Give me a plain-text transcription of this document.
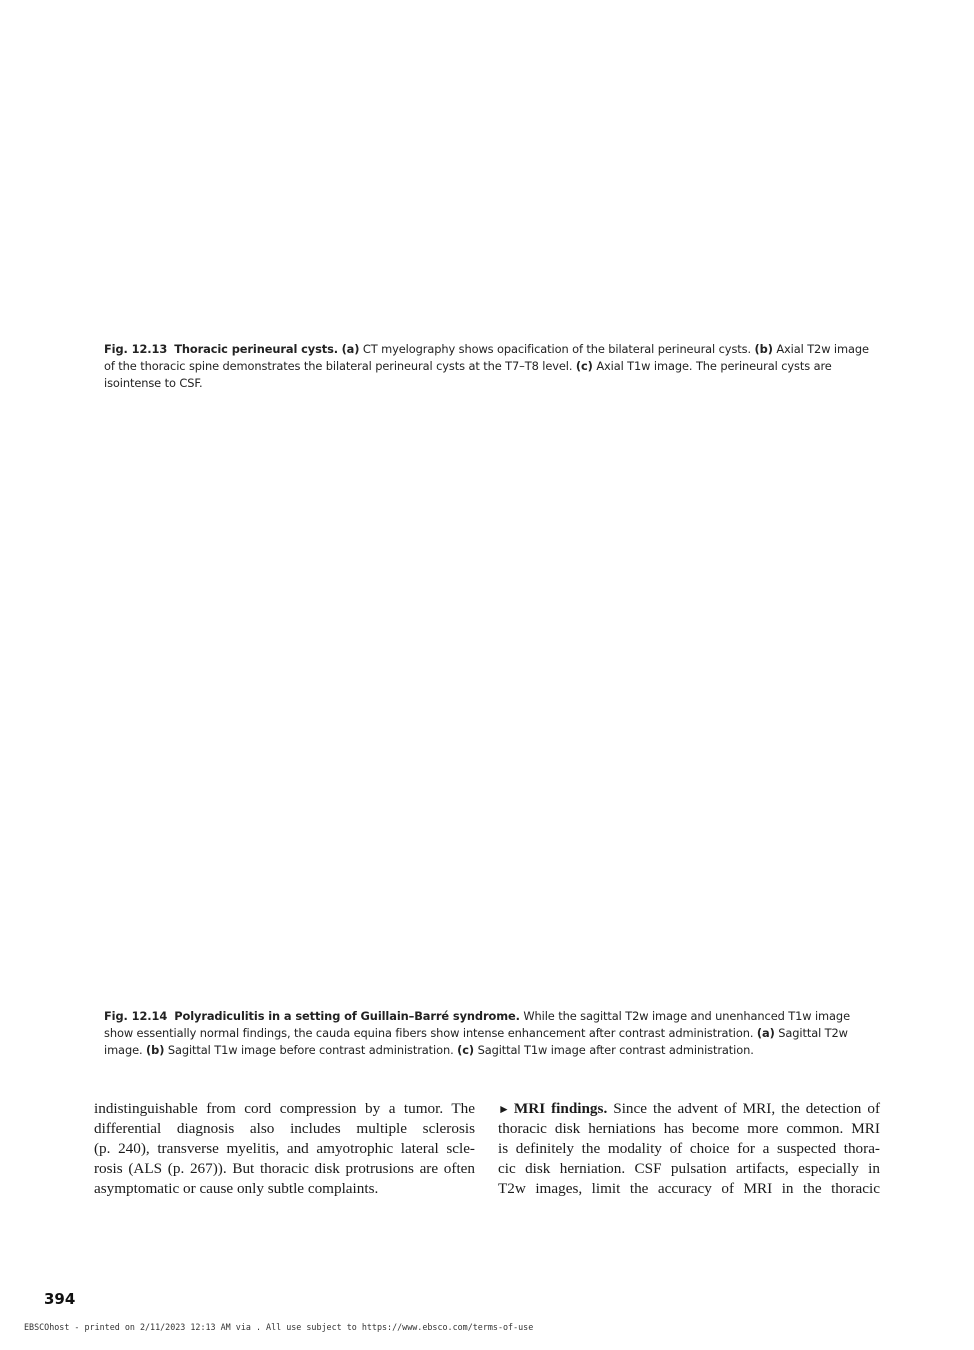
Fig. 12.13 Thoracic perineural cysts. (a) CT myelography shows opacification of the bilateral perineural cysts. (b) Axial T2w image of the thoracic spine demonstrates the bilateral perineural cysts at the T7–T8 level. (c) Axial T1w image. The perineural cysts are isointense to CSF.
Fig. 12.14 Polyradiculitis in a setting of Guillain–Barré syndrome. While the sagittal T2w image and unenhanced T1w image show essentially normal findings, the cauda equina fibers show intense enhancement after contrast administration. (a) Sagittal T2w image. (b) Sagittal T1w image before contrast administration. (c) Sagittal T1w image after contrast administration.
indistinguishable from cord compression by a tumor. The
differential diagnosis also includes multiple sclerosis
(p. 240), transverse myelitis, and amyotrophic lateral scle-
rosis (ALS (p. 267)). But thoracic disk protrusions are often
asymptomatic or cause only subtle complaints.
► MRI findings. Since the advent of MRI, the detection of
thoracic disk herniations has become more common. MRI
is definitely the modality of choice for a suspected thora-
cic disk herniation. CSF pulsation artifacts, especially in
T2w images, limit the accuracy of MRI in the thoracic
394
EBSCOhost - printed on 2/11/2023 12:13 AM via . All use subject to https://www.ebsco.com/terms-of-use
